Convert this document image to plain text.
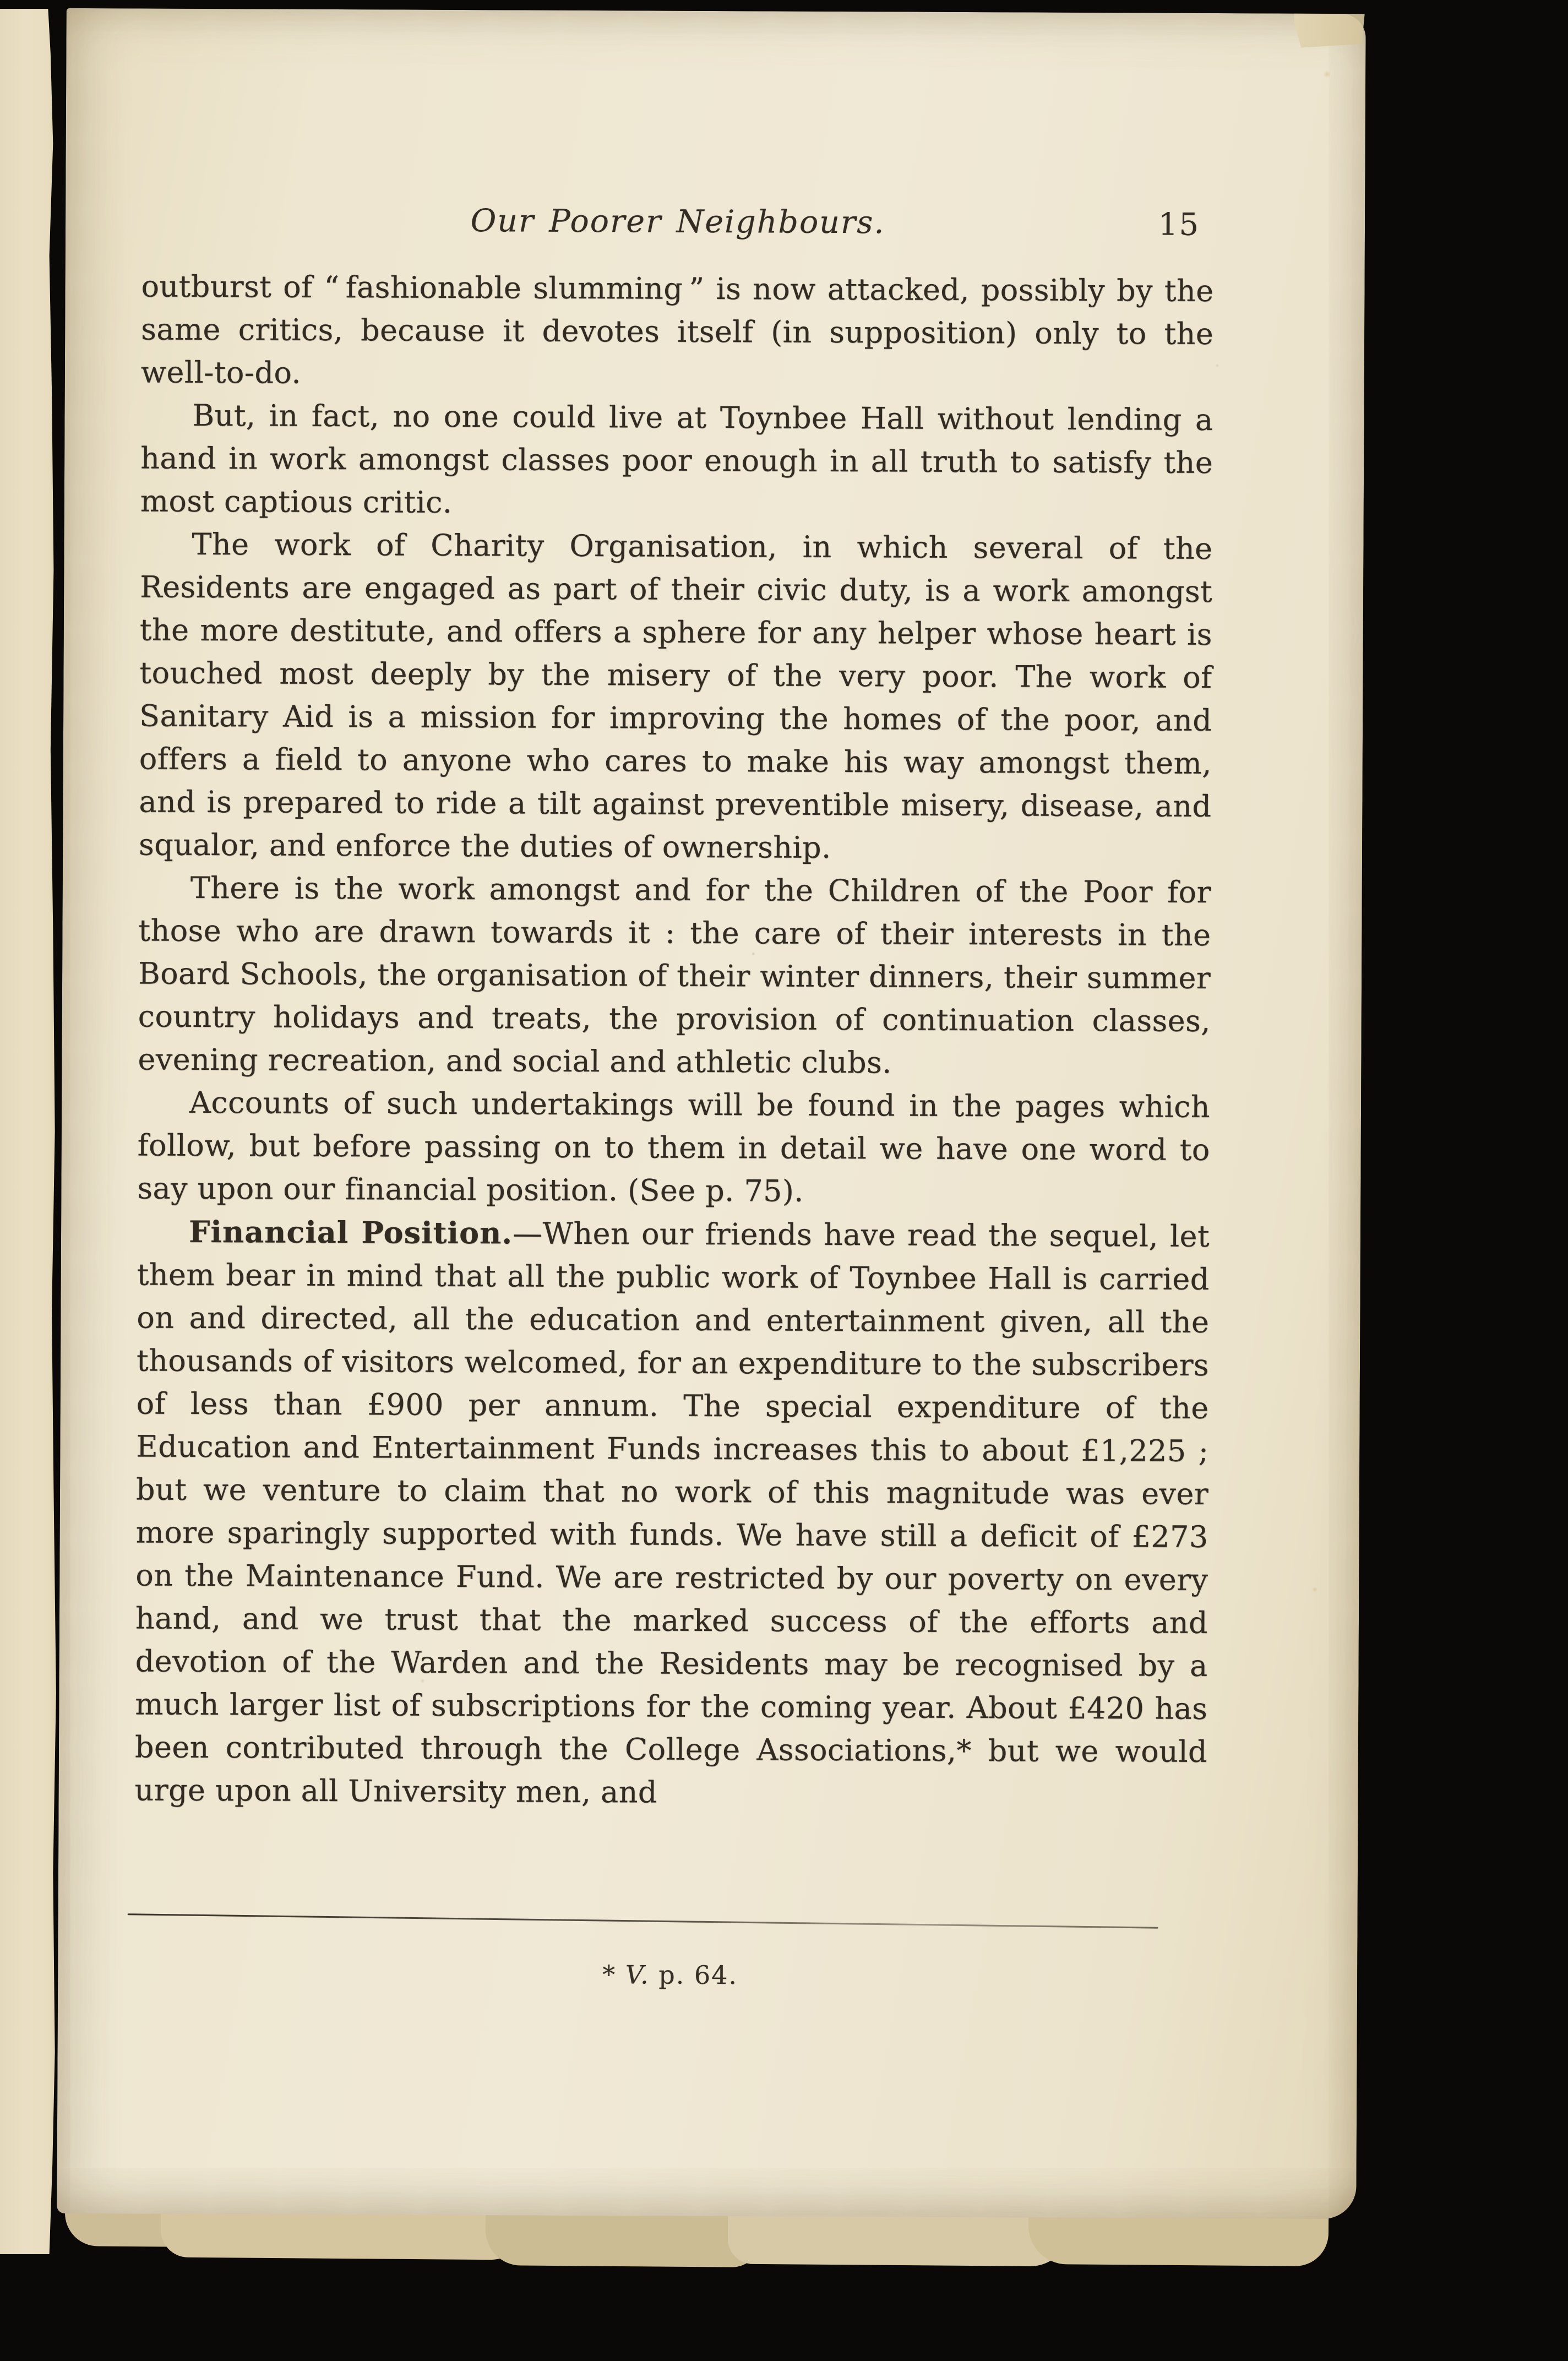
Our Poorer Neighbours.	15

outburst of “ fashionable slumming ” is now attacked, possibly by the same critics, because it devotes itself (in supposition) only to the well-to-do.

But, in fact, no one could live at Toynbee Hall without lending a hand in work amongst classes poor enough in all truth to satisfy the most captious critic.

The work of Charity Organisation, in which several of the Residents are engaged as part of their civic duty, is a work amongst the more destitute, and offers a sphere for any helper whose heart is touched most deeply by the misery of the very poor. The work of Sanitary Aid is a mission for improving the homes of the poor, and offers a field to anyone who cares to make his way amongst them, and is prepared to ride a tilt against preventible misery, disease, and squalor, and enforce the duties of ownership.

There is the work amongst and for the Children of the Poor for those who are drawn towards it : the care of their interests in the Board Schools, the organisation of their winter dinners, their summer country holidays and treats, the provision of continuation classes, evening recreation, and social and athletic clubs.

Accounts of such undertakings will be found in the pages which follow, but before passing on to them in detail we have one word to say upon our financial position. (See p. 75).

Financial Position.—When our friends have read the sequel, let them bear in mind that all the public work of Toynbee Hall is carried on and directed, all the education and entertainment given, all the thousands of visitors welcomed, for an expenditure to the subscribers of less than £900 per annum. The special expenditure of the Education and Entertainment Funds increases this to about £1,225 ; but we venture to claim that no work of this magnitude was ever more sparingly supported with funds. We have still a deficit of £273 on the Maintenance Fund. We are restricted by our poverty on every hand, and we trust that the marked success of the efforts and devotion of the Warden and the Residents may be recognised by a much larger list of subscriptions for the coming year. About £420 has been contributed through the College Associations,* but we would urge upon all University men, and

* V. p. 64.
